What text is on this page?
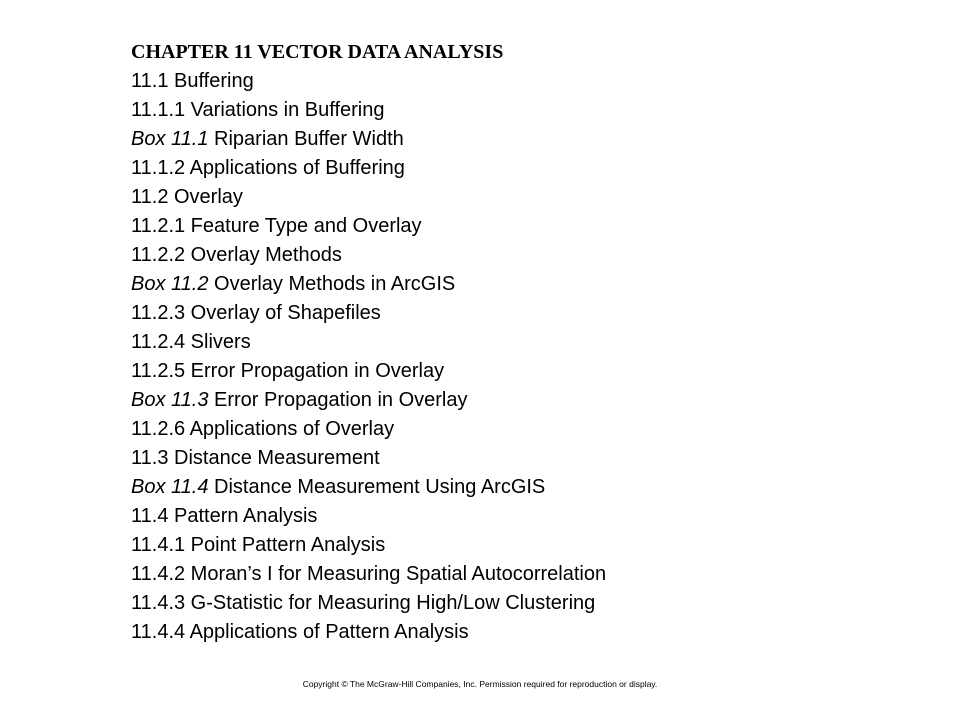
CHAPTER 11 VECTOR DATA ANALYSIS
11.1 Buffering
11.1.1 Variations in Buffering
Box 11.1 Riparian Buffer Width
11.1.2 Applications of Buffering
11.2 Overlay
11.2.1 Feature Type and Overlay
11.2.2 Overlay Methods
Box 11.2 Overlay Methods in ArcGIS
11.2.3 Overlay of Shapefiles
11.2.4 Slivers
11.2.5 Error Propagation in Overlay
Box 11.3 Error Propagation in Overlay
11.2.6 Applications of Overlay
11.3 Distance Measurement
Box 11.4 Distance Measurement Using ArcGIS
11.4 Pattern Analysis
11.4.1 Point Pattern Analysis
11.4.2 Moran’s I for Measuring Spatial Autocorrelation
11.4.3 G-Statistic for Measuring High/Low Clustering
11.4.4 Applications of Pattern Analysis

Copyright © The McGraw-Hill Companies, Inc. Permission required for reproduction or display.
